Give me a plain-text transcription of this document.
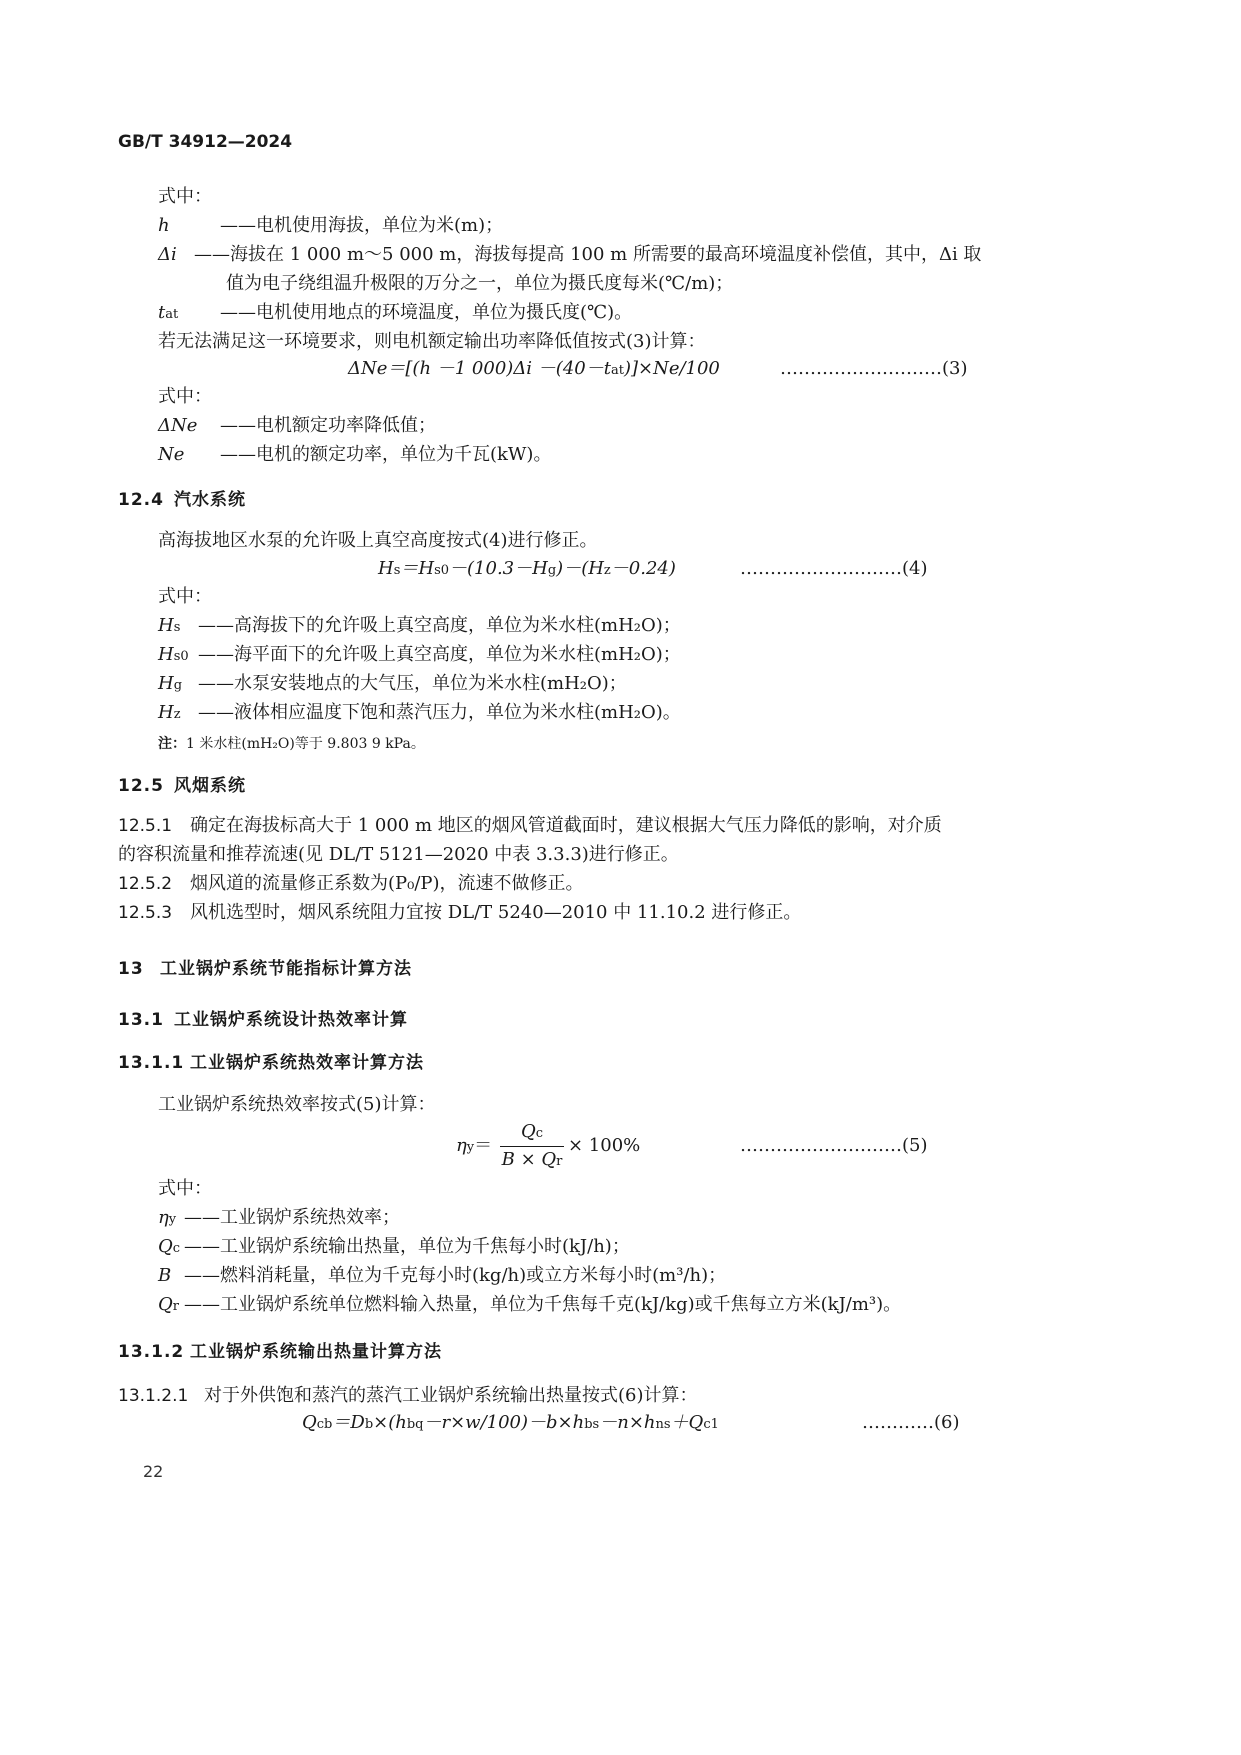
GB/T 34912—2024
式中：
h	——电机使用海拔，单位为米(m)；
Δi ——海拔在 1 000 m～5 000 m，海拔每提高 100 m 所需要的最高环境温度补偿值，其中，Δi 取
值为电子绕组温升极限的万分之一，单位为摄氏度每米(℃/m)；
tat ——电机使用地点的环境温度，单位为摄氏度(℃)。
若无法满足这一环境要求，则电机额定输出功率降低值按式(3)计算：
ΔNe＝[(h －1 000)Δi －(40－tat)]×Ne/100	………………………(3)
式中：
ΔNe ——电机额定功率降低值；
Ne ——电机的额定功率，单位为千瓦(kW)。
12.4 汽水系统
高海拔地区水泵的允许吸上真空高度按式(4)进行修正。
Hs＝Hs0－(10.3－Hg)－(Hz－0.24)	………………………(4)
式中：
Hs ——高海拔下的允许吸上真空高度，单位为米水柱(mH₂O)；
Hs0 ——海平面下的允许吸上真空高度，单位为米水柱(mH₂O)；
Hg ——水泵安装地点的大气压，单位为米水柱(mH₂O)；
Hz ——液体相应温度下饱和蒸汽压力，单位为米水柱(mH₂O)。
注：1 米水柱(mH₂O)等于 9.803 9 kPa。
12.5 风烟系统
12.5.1 确定在海拔标高大于 1 000 m 地区的烟风管道截面时，建议根据大气压力降低的影响，对介质
的容积流量和推荐流速(见 DL/T 5121—2020 中表 3.3.3)进行修正。
12.5.2 烟风道的流量修正系数为(P₀/P)，流速不做修正。
12.5.3 风机选型时，烟风系统阻力宜按 DL/T 5240—2010 中 11.10.2 进行修正。
13 工业锅炉系统节能指标计算方法
13.1 工业锅炉系统设计热效率计算
13.1.1 工业锅炉系统热效率计算方法
工业锅炉系统热效率按式(5)计算：
ηy＝
Qc
B × Qr
× 100%	………………………(5)
式中：
ηy ——工业锅炉系统热效率；
Qc ——工业锅炉系统输出热量，单位为千焦每小时(kJ/h)；
B ——燃料消耗量，单位为千克每小时(kg/h)或立方米每小时(m³/h)；
Qr ——工业锅炉系统单位燃料输入热量，单位为千焦每千克(kJ/kg)或千焦每立方米(kJ/m³)。
13.1.2 工业锅炉系统输出热量计算方法
13.1.2.1 对于外供饱和蒸汽的蒸汽工业锅炉系统输出热量按式(6)计算：
Qcb＝Db×(hbq－r×w/100)－b×hbs－n×hns＋Qc1	…………(6)
22
